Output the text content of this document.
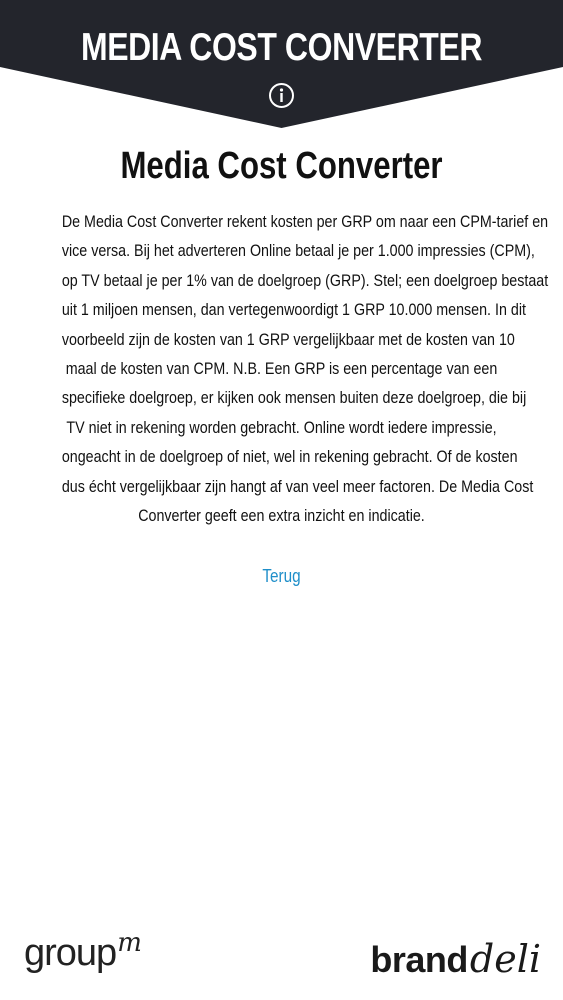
MEDIA COST CONVERTER
Media Cost Converter
De Media Cost Converter rekent kosten per GRP om naar een CPM-tarief en
vice versa. Bij het adverteren Online betaal je per 1.000 impressies (CPM),
op TV betaal je per 1% van de doelgroep (GRP). Stel; een doelgroep bestaat
uit 1 miljoen mensen, dan vertegenwoordigt 1 GRP 10.000 mensen. In dit
voorbeeld zijn de kosten van 1 GRP vergelijkbaar met de kosten van 10
maal de kosten van CPM. N.B. Een GRP is een percentage van een
specifieke doelgroep, er kijken ook mensen buiten deze doelgroep, die bij
TV niet in rekening worden gebracht. Online wordt iedere impressie,
ongeacht in de doelgroep of niet, wel in rekening gebracht. Of de kosten
dus écht vergelijkbaar zijn hangt af van veel meer factoren. De Media Cost
Converter geeft een extra inzicht en indicatie.
Terug
group$^m$	branddeli
